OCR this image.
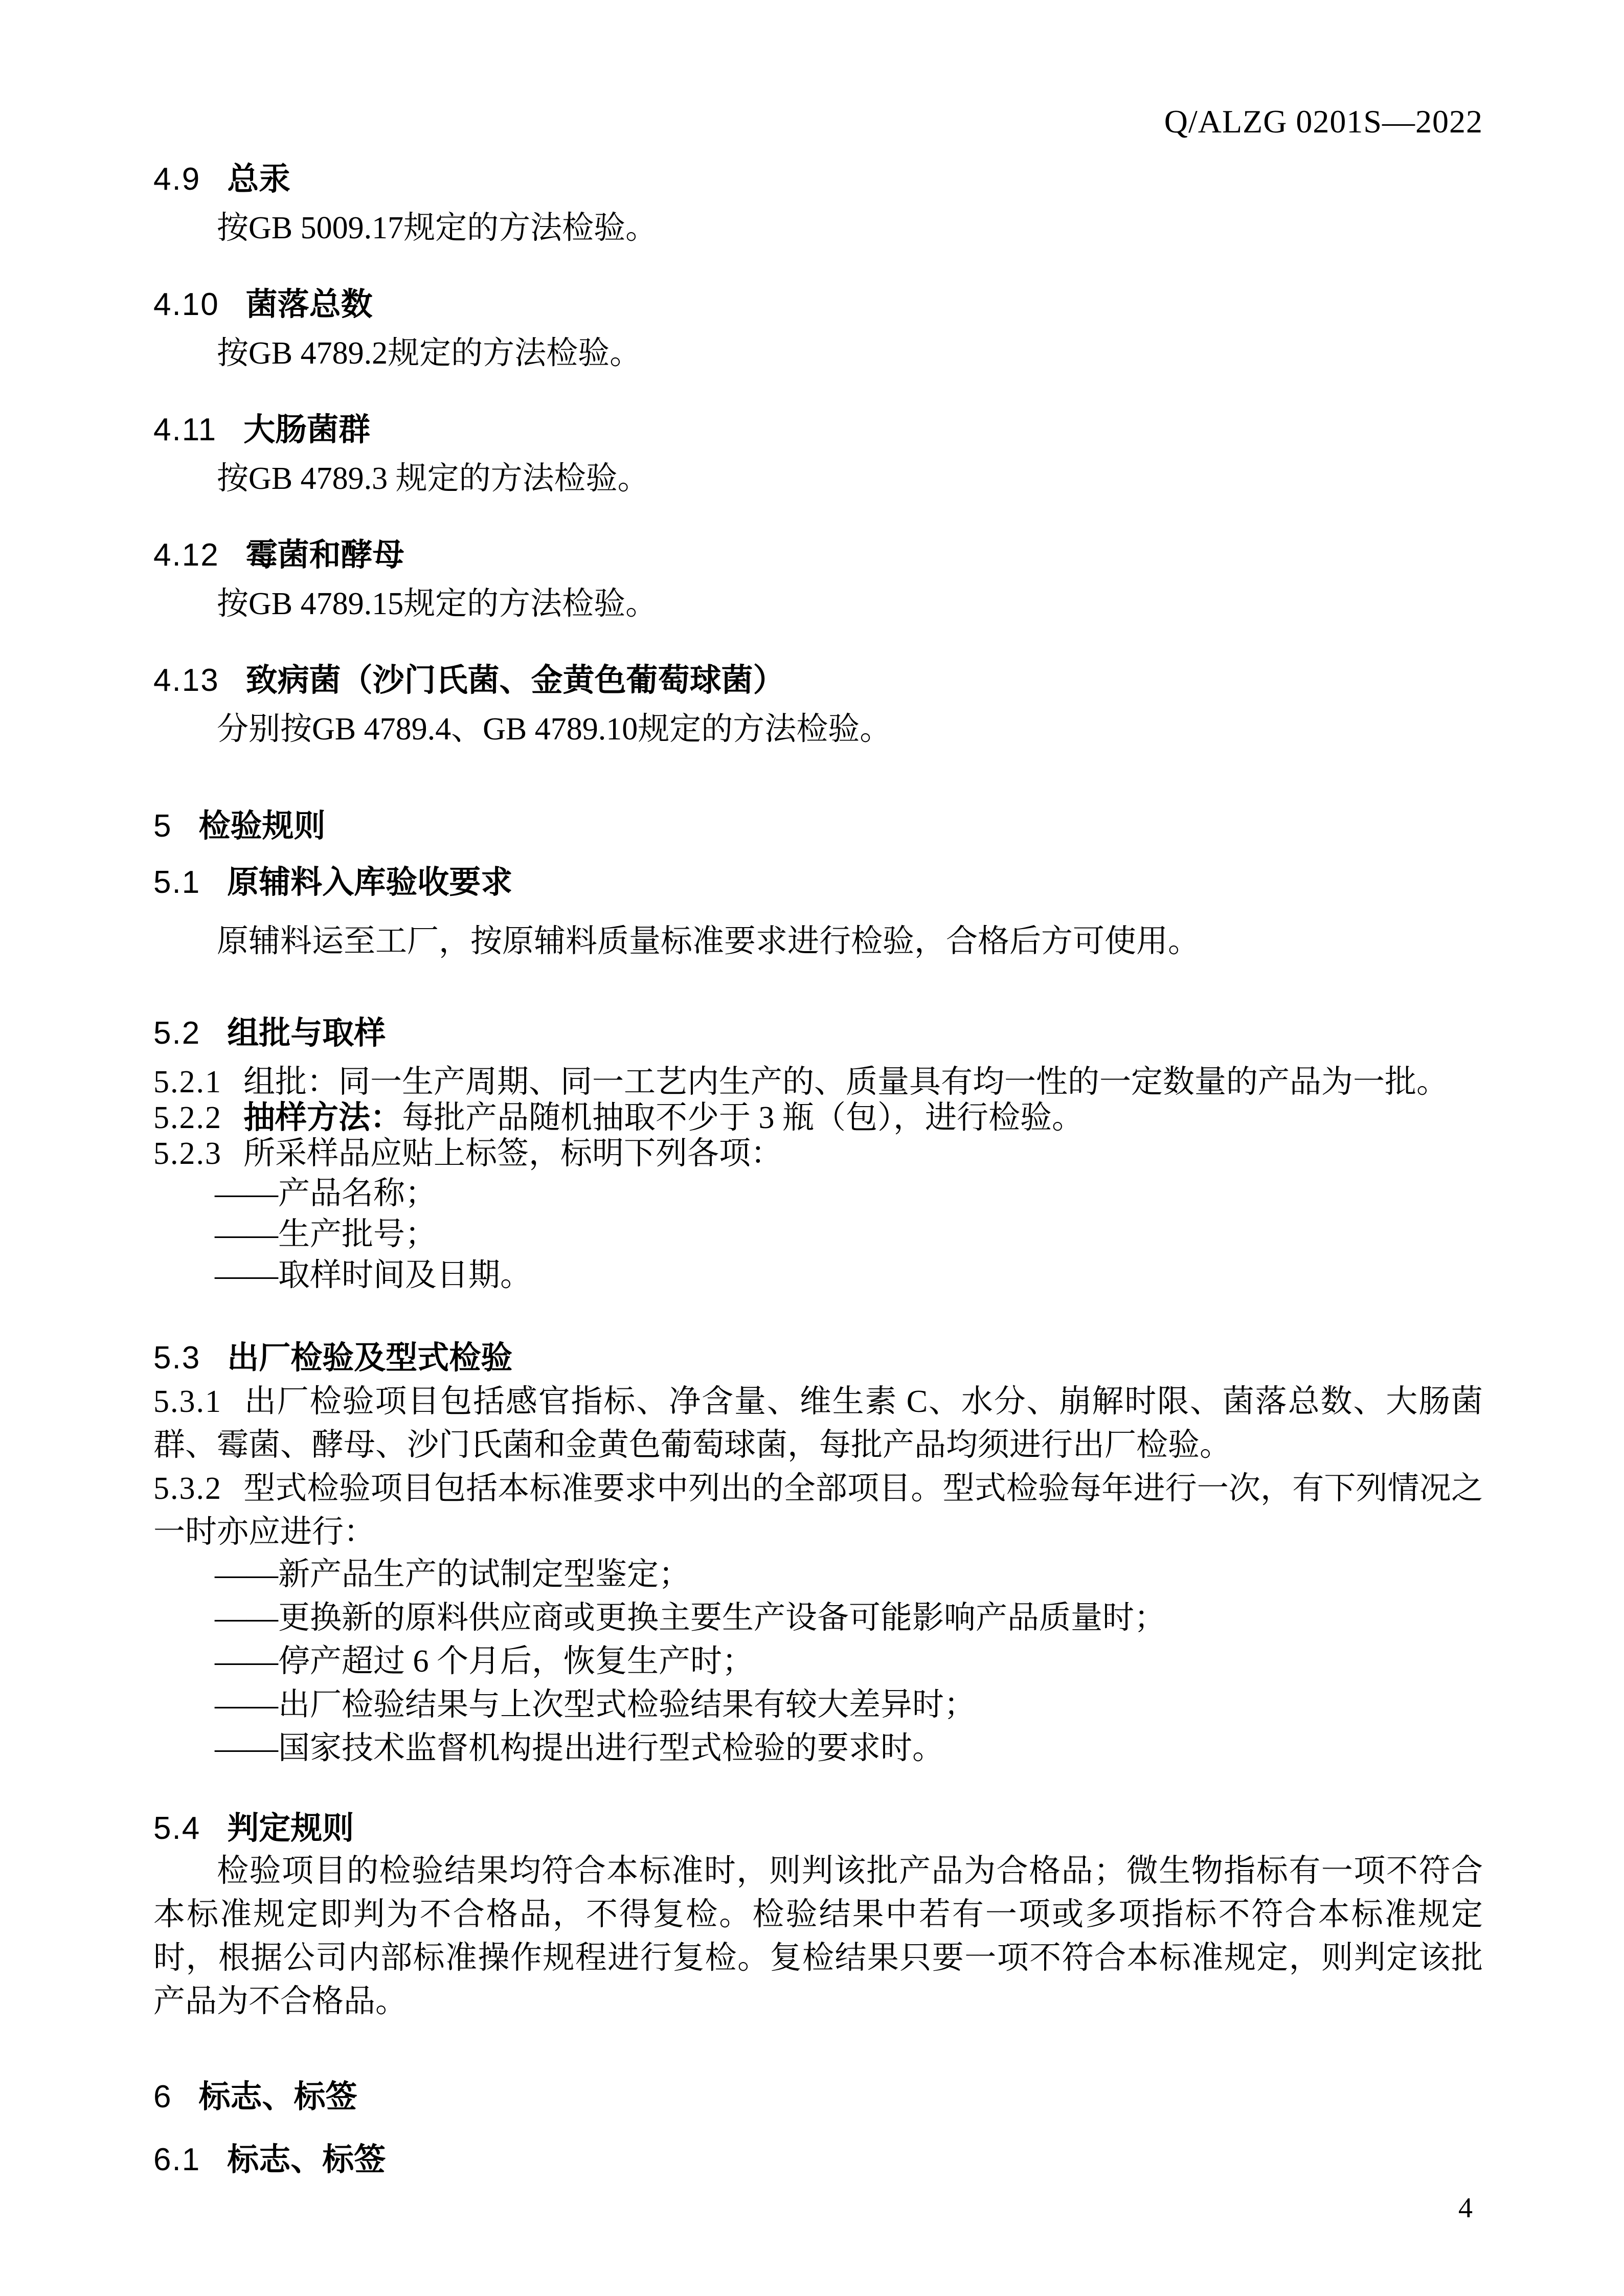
Q/ALZG 0201S—2022
4.9 总汞
按GB 5009.17规定的方法检验。
4.10 菌落总数
按GB 4789.2规定的方法检验。
4.11 大肠菌群
按GB 4789.3 规定的方法检验。
4.12 霉菌和酵母
按GB 4789.15规定的方法检验。
4.13 致病菌（沙门氏菌、金黄色葡萄球菌）
分别按GB 4789.4、GB 4789.10规定的方法检验。
5 检验规则
5.1 原辅料入库验收要求
原辅料运至工厂，按原辅料质量标准要求进行检验，合格后方可使用。
5.2 组批与取样
5.2.1 组批：同一生产周期、同一工艺内生产的、质量具有均一性的一定数量的产品为一批。
5.2.2 抽样方法：每批产品随机抽取不少于 3 瓶（包），进行检验。
5.2.3 所采样品应贴上标签，标明下列各项：
——产品名称；
——生产批号；
——取样时间及日期。
5.3 出厂检验及型式检验
5.3.1 出厂检验项目包括感官指标、净含量、维生素 C、水分、崩解时限、菌落总数、大肠菌群、霉菌、酵母、沙门氏菌和金黄色葡萄球菌，每批产品均须进行出厂检验。
5.3.2 型式检验项目包括本标准要求中列出的全部项目。型式检验每年进行一次，有下列情况之一时亦应进行：
——新产品生产的试制定型鉴定；
——更换新的原料供应商或更换主要生产设备可能影响产品质量时；
——停产超过 6 个月后，恢复生产时；
——出厂检验结果与上次型式检验结果有较大差异时；
——国家技术监督机构提出进行型式检验的要求时。
5.4 判定规则
检验项目的检验结果均符合本标准时，则判该批产品为合格品；微生物指标有一项不符合本标准规定即判为不合格品，不得复检。检验结果中若有一项或多项指标不符合本标准规定时，根据公司内部标准操作规程进行复检。复检结果只要一项不符合本标准规定，则判定该批产品为不合格品。
6 标志、标签
6.1 标志、标签
4
